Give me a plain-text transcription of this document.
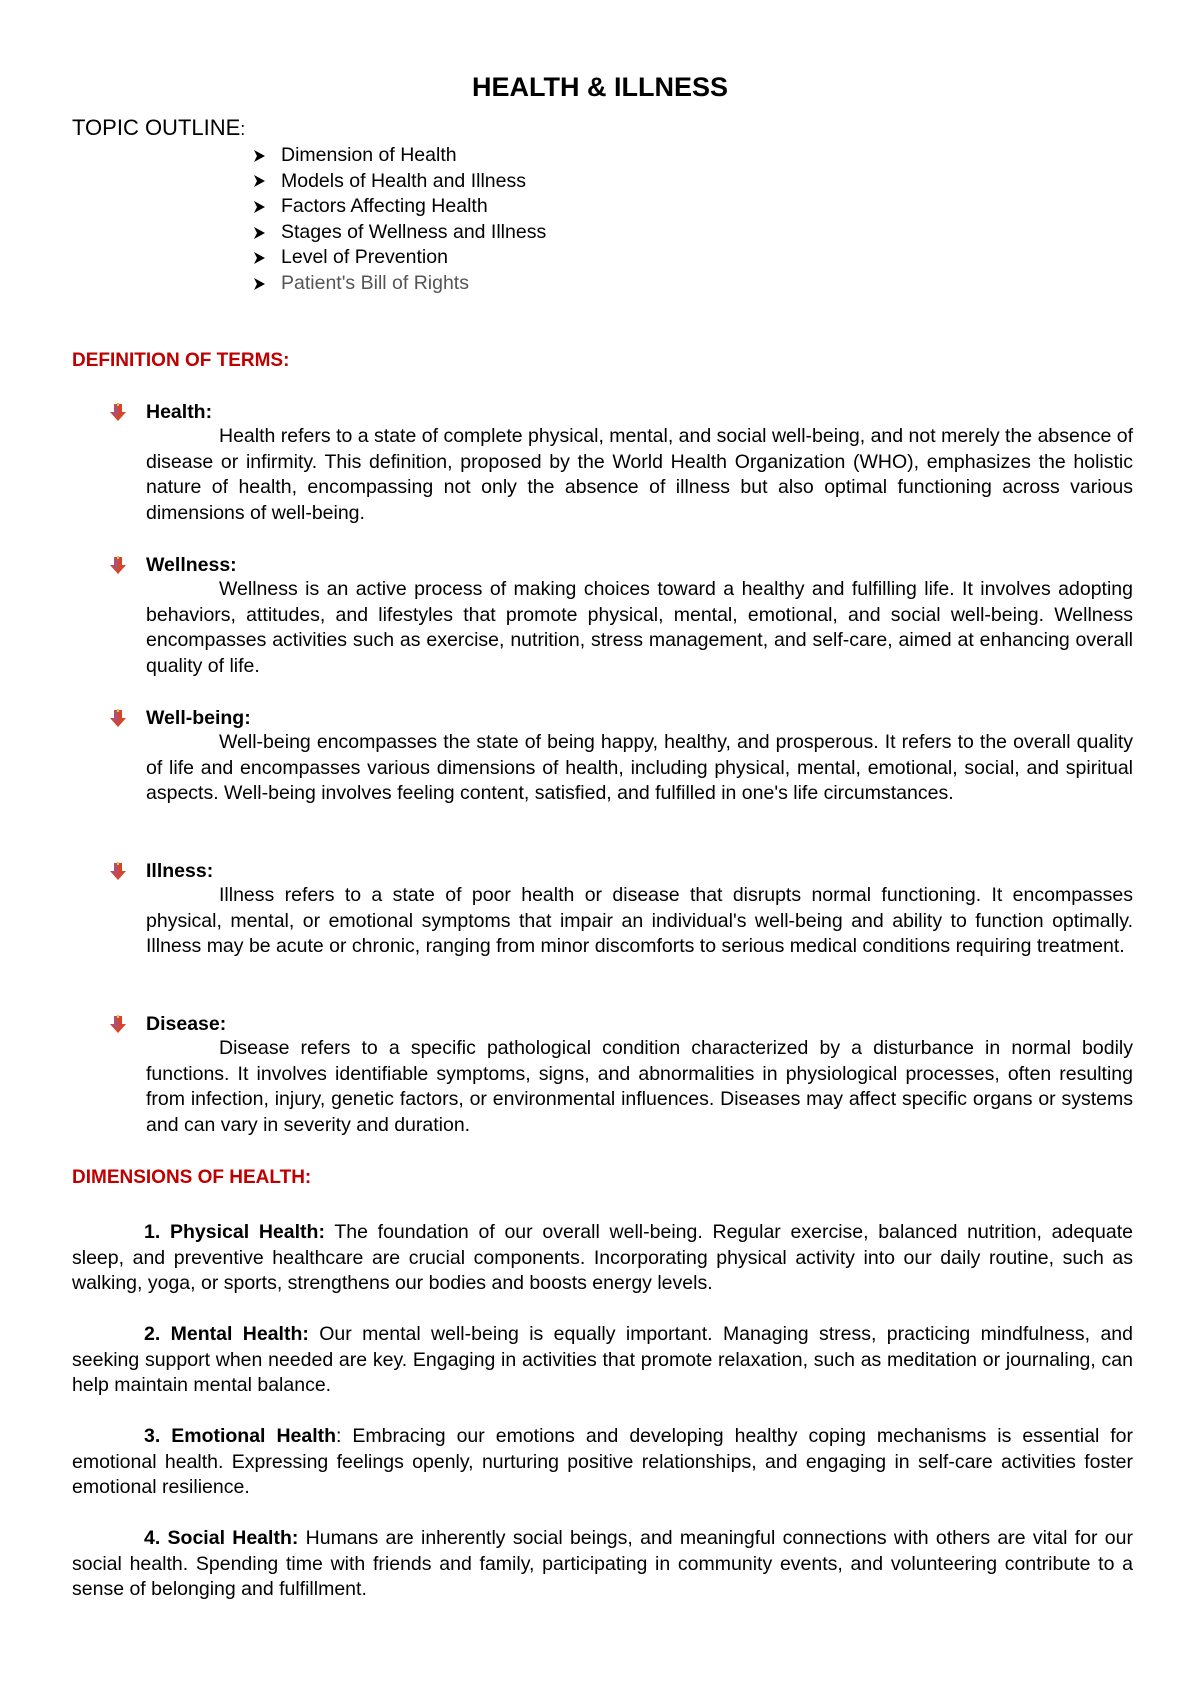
HEALTH & ILLNESS
TOPIC OUTLINE:
Dimension of Health
Models of Health and Illness
Factors Affecting Health
Stages of Wellness and Illness
Level of Prevention
Patient's Bill of Rights
DEFINITION OF TERMS:
Health:
Health refers to a state of complete physical, mental, and social well-being, and not merely the absence of disease or infirmity. This definition, proposed by the World Health Organization (WHO), emphasizes the holistic nature of health, encompassing not only the absence of illness but also optimal functioning across various dimensions of well-being.
Wellness:
Wellness is an active process of making choices toward a healthy and fulfilling life. It involves adopting behaviors, attitudes, and lifestyles that promote physical, mental, emotional, and social well-being. Wellness encompasses activities such as exercise, nutrition, stress management, and self-care, aimed at enhancing overall quality of life.
Well-being:
Well-being encompasses the state of being happy, healthy, and prosperous. It refers to the overall quality of life and encompasses various dimensions of health, including physical, mental, emotional, social, and spiritual aspects. Well-being involves feeling content, satisfied, and fulfilled in one's life circumstances.
Illness:
Illness refers to a state of poor health or disease that disrupts normal functioning. It encompasses physical, mental, or emotional symptoms that impair an individual's well-being and ability to function optimally. Illness may be acute or chronic, ranging from minor discomforts to serious medical conditions requiring treatment.
Disease:
Disease refers to a specific pathological condition characterized by a disturbance in normal bodily functions. It involves identifiable symptoms, signs, and abnormalities in physiological processes, often resulting from infection, injury, genetic factors, or environmental influences. Diseases may affect specific organs or systems and can vary in severity and duration.
DIMENSIONS OF HEALTH:
1. Physical Health: The foundation of our overall well-being. Regular exercise, balanced nutrition, adequate sleep, and preventive healthcare are crucial components. Incorporating physical activity into our daily routine, such as walking, yoga, or sports, strengthens our bodies and boosts energy levels.
2. Mental Health: Our mental well-being is equally important. Managing stress, practicing mindfulness, and seeking support when needed are key. Engaging in activities that promote relaxation, such as meditation or journaling, can help maintain mental balance.
3. Emotional Health: Embracing our emotions and developing healthy coping mechanisms is essential for emotional health. Expressing feelings openly, nurturing positive relationships, and engaging in self-care activities foster emotional resilience.
4. Social Health: Humans are inherently social beings, and meaningful connections with others are vital for our social health. Spending time with friends and family, participating in community events, and volunteering contribute to a sense of belonging and fulfillment.
